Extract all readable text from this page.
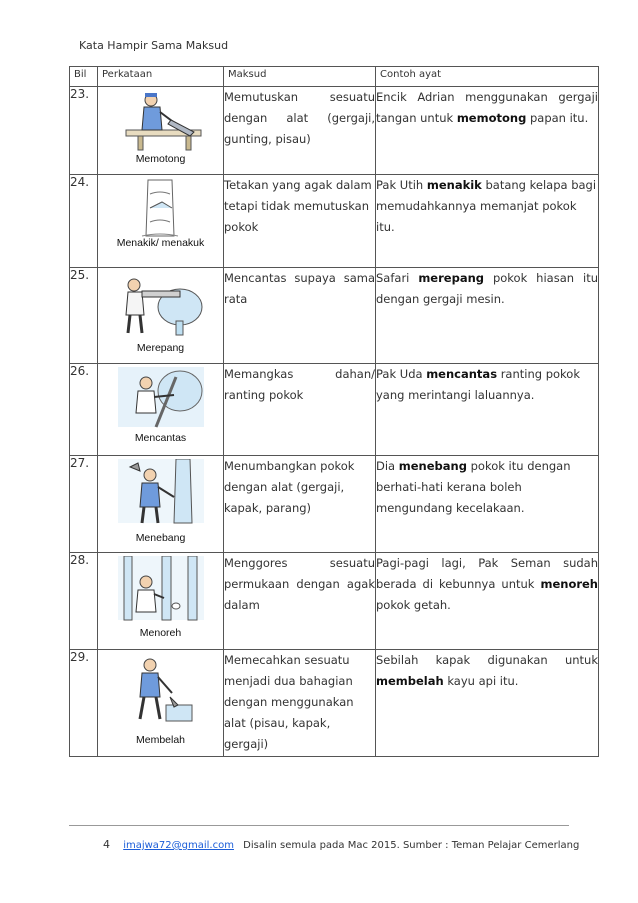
Kata Hampir Sama Maksud
Bil	Perkataan	Maksud	Contoh ayat
23.	Memotong	Memutuskan sesuatu dengan alat (gergaji, gunting, pisau)	Encik Adrian menggunakan gergaji tangan untuk memotong papan itu.
24.	Menakik/ menakuk	Tetakan yang agak dalam tetapi tidak memutuskan pokok	Pak Utih menakik batang kelapa bagi memudahkannya memanjat pokok itu.
25.	Merepang	Mencantas supaya sama rata	Safari merepang pokok hiasan itu dengan gergaji mesin.
26.	Mencantas	Memangkas dahan/ ranting pokok	Pak Uda mencantas ranting pokok yang merintangi laluannya.
27.	Menebang	Menumbangkan pokok dengan alat (gergaji, kapak, parang)	Dia menebang pokok itu dengan berhati-hati kerana boleh mengundang kecelakaan.
28.	Menoreh	Menggores sesuatu permukaan dengan agak dalam	Pagi-pagi lagi, Pak Seman sudah berada di kebunnya untuk menoreh pokok getah.
29.	Membelah	Memecahkan sesuatu menjadi dua bahagian dengan menggunakan alat (pisau, kapak, gergaji)	Sebilah kapak digunakan untuk membelah kayu api itu.
4 imajwa72@gmail.com Disalin semula pada Mac 2015. Sumber : Teman Pelajar Cemerlang
